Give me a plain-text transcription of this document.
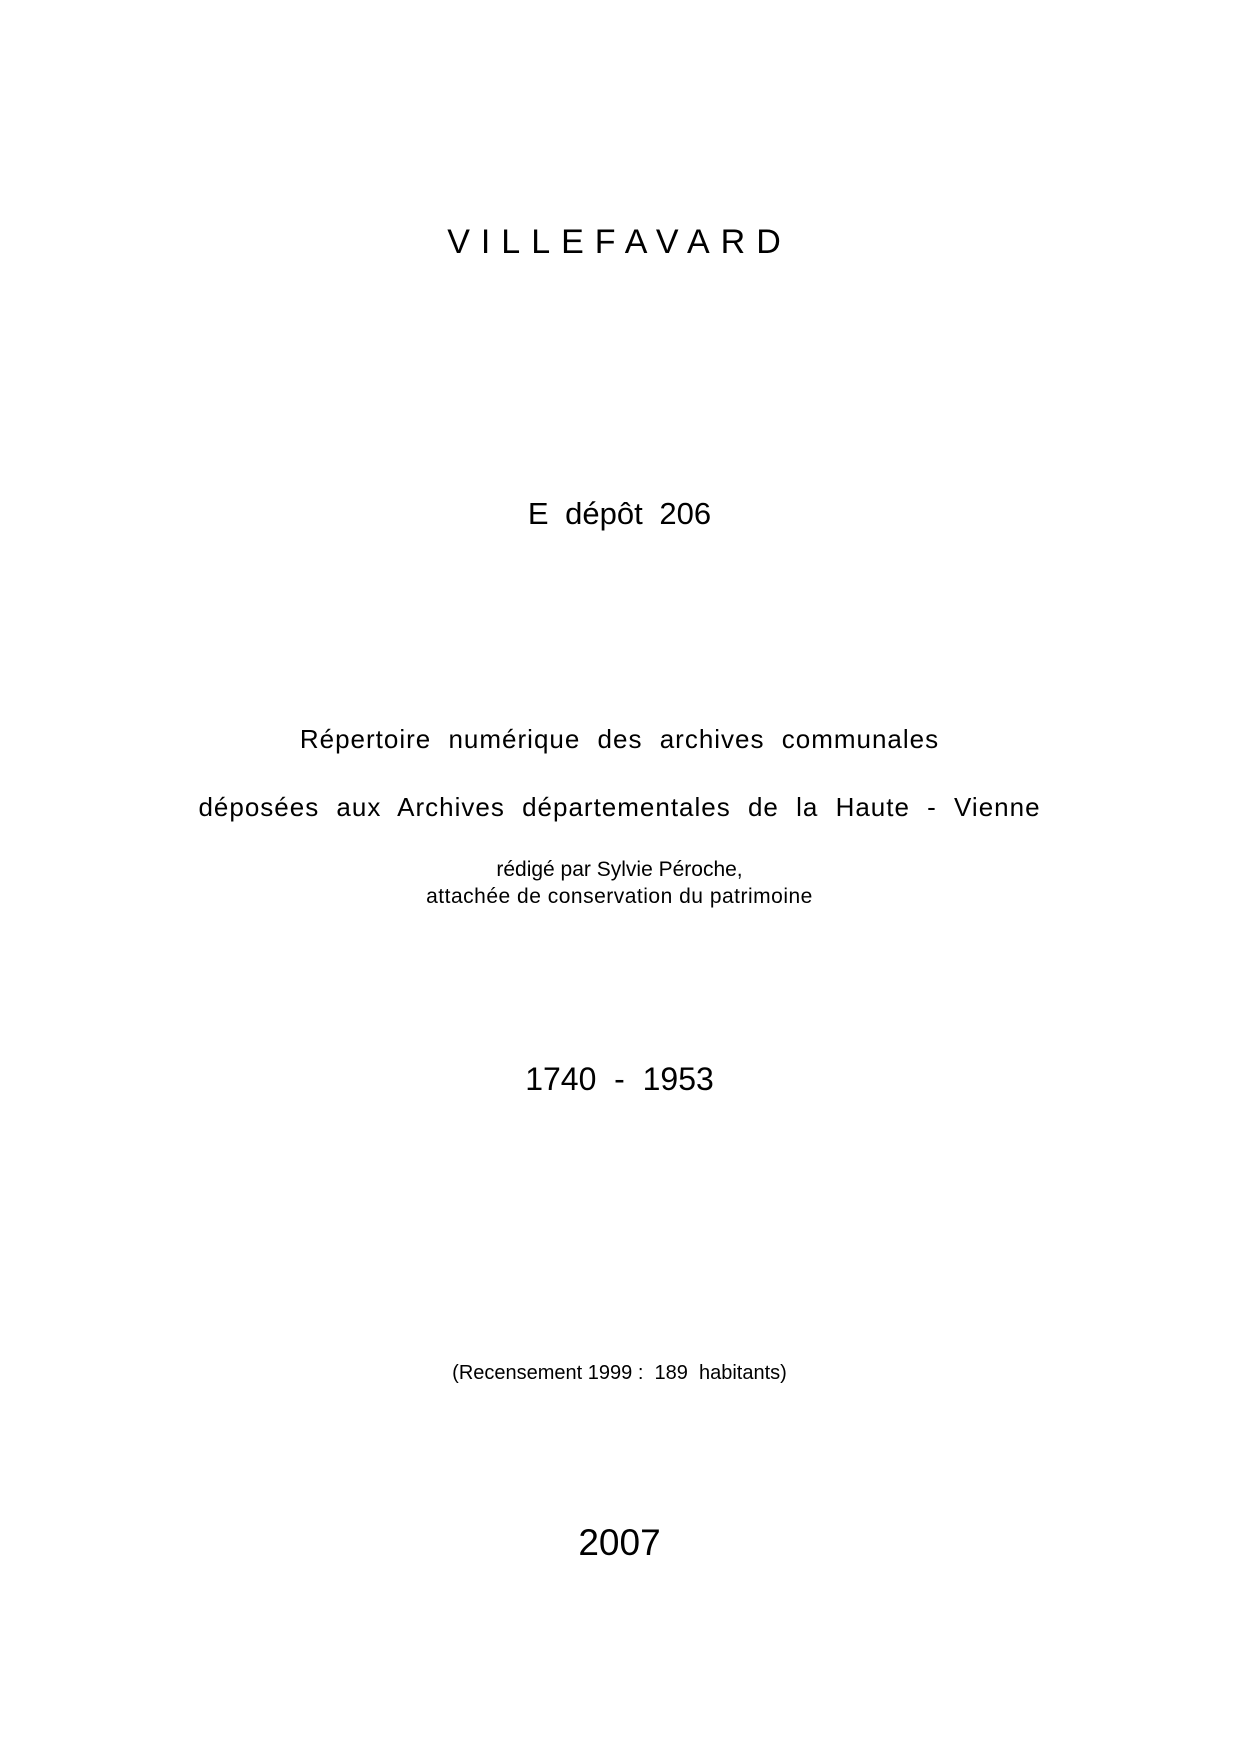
VILLEFAVARD
E dépôt 206
Répertoire numérique des archives communales
déposées aux Archives départementales de la Haute - Vienne
rédigé par Sylvie Péroche,
attachée de conservation du patrimoine
1740  -  1953
(Recensement 1999 :  189  habitants)
2007
